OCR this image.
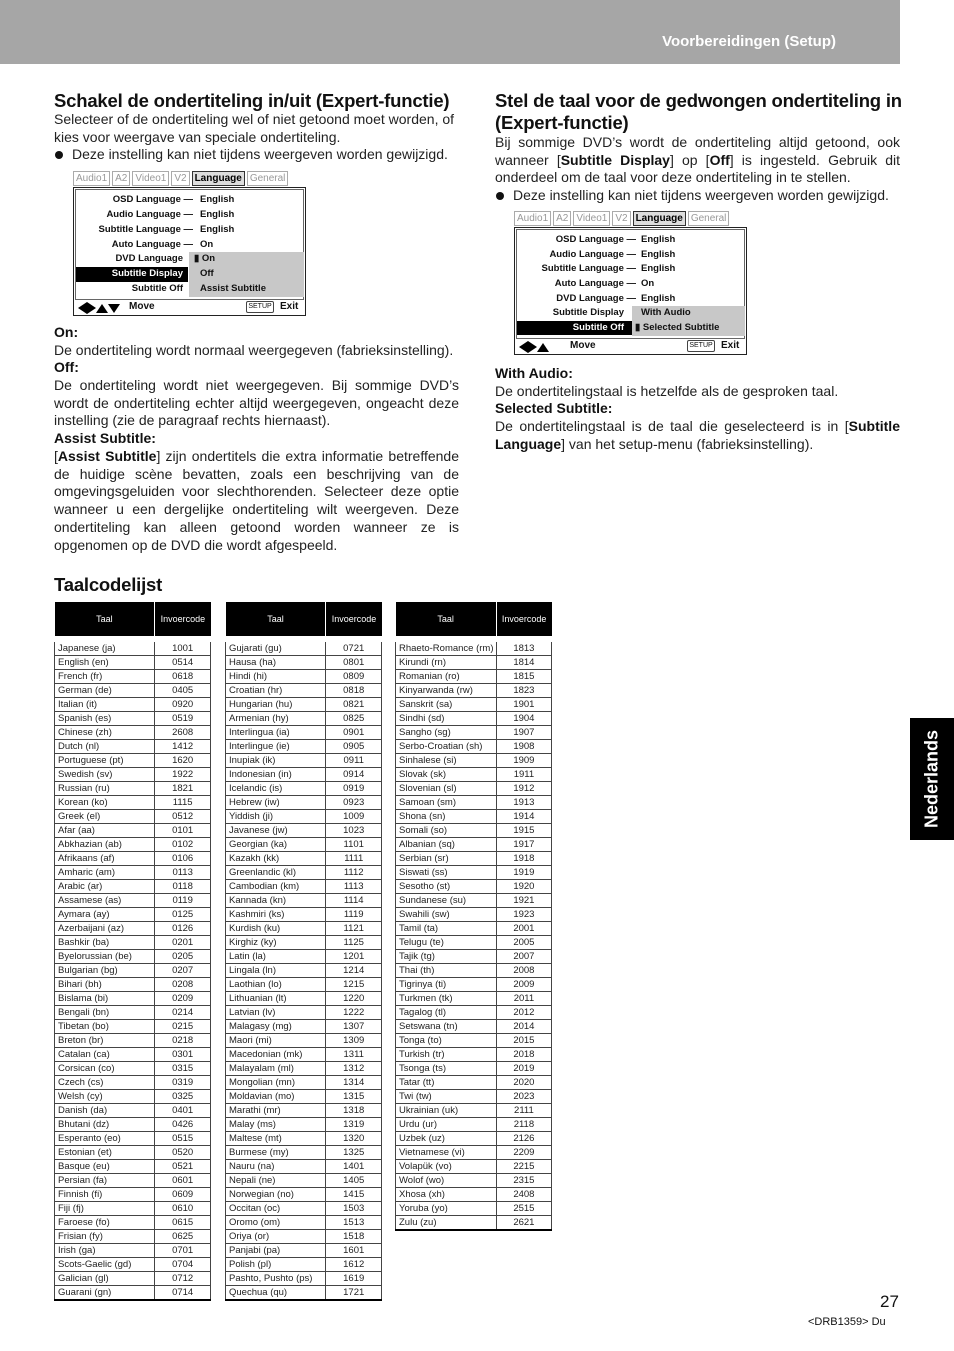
Voorbereidingen (Setup)
Nederlands
Schakel de ondertiteling in/uit (Expert-functie)
Selecteer of de ondertiteling wel of niet getoond moet worden, of kies voor weergave van speciale ondertiteling.
Deze instelling kan niet tijdens weergeven worden gewijzigd.
Audio1 A2 Video1 V2 Language General
OSD Language — English
Audio Language — English
Subtitle Language — English
Auto Language — On
DVD Language ▮ On
Subtitle Display Off
Subtitle Off Assist Subtitle
Move	SETUP Exit
On:
De ondertiteling wordt normaal weergegeven (fabrieksinstelling).
Off:
De ondertiteling wordt niet weergegeven. Bij sommige DVD’s wordt de ondertiteling echter altijd weergegeven, ongeacht deze instelling (zie de paragraaf rechts hiernaast).
Assist Subtitle:
[Assist Subtitle] zijn ondertitels die extra informatie betreffende de huidige scène bevatten, zoals een beschrijving van de omgevingsgeluiden voor slechthorenden. Selecteer deze optie wanneer u een dergelijke ondertiteling wilt weergeven. Deze ondertiteling kan alleen getoond worden wanneer ze is opgenomen op de DVD die wordt afgespeeld.
Stel de taal voor de gedwongen ondertiteling in (Expert-functie)
Bij sommige DVD’s wordt de ondertiteling altijd getoond, ook wanneer [Subtitle Display] op [Off] is ingesteld. Gebruik dit onderdeel om de taal voor deze ondertiteling in te stellen.
Deze instelling kan niet tijdens weergeven worden gewijzigd.
Audio1 A2 Video1 V2 Language General
OSD Language — English
Audio Language — English
Subtitle Language — English
Auto Language — On
DVD Language — English
Subtitle Display With Audio
Subtitle Off ▮ Selected Subtitle
Move	SETUP Exit
With Audio:
De ondertitelingstaal is hetzelfde als de gesproken taal.
Selected Subtitle:
De ondertitelingstaal is de taal die geselecteerd is in [Subtitle Language] van het setup-menu (fabrieksinstelling).
Taalcodelijst
Taal	Invoercode

Japanese (ja)	1001
English (en)	0514
French (fr)	0618
German (de)	0405
Italian (it)	0920
Spanish (es)	0519
Chinese (zh)	2608
Dutch (nl)	1412
Portuguese (pt)	1620
Swedish (sv)	1922
Russian (ru)	1821
Korean (ko)	1115
Greek (el)	0512
Afar (aa)	0101
Abkhazian (ab)	0102
Afrikaans (af)	0106
Amharic (am)	0113
Arabic (ar)	0118
Assamese (as)	0119
Aymara (ay)	0125
Azerbaijani (az)	0126
Bashkir (ba)	0201
Byelorussian (be)	0205
Bulgarian (bg)	0207
Bihari (bh)	0208
Bislama (bi)	0209
Bengali (bn)	0214
Tibetan (bo)	0215
Breton (br)	0218
Catalan (ca)	0301
Corsican (co)	0315
Czech (cs)	0319
Welsh (cy)	0325
Danish (da)	0401
Bhutani (dz)	0426
Esperanto (eo)	0515
Estonian (et)	0520
Basque (eu)	0521
Persian (fa)	0601
Finnish (fi)	0609
Fiji (fj)	0610
Faroese (fo)	0615
Frisian (fy)	0625
Irish (ga)	0701
Scots-Gaelic (gd)	0704
Galician (gl)	0712
Guarani (gn)	0714
Taal	Invoercode

Gujarati (gu)	0721
Hausa (ha)	0801
Hindi (hi)	0809
Croatian (hr)	0818
Hungarian (hu)	0821
Armenian (hy)	0825
Interlingua (ia)	0901
Interlingue (ie)	0905
Inupiak (ik)	0911
Indonesian (in)	0914
Icelandic (is)	0919
Hebrew (iw)	0923
Yiddish (ji)	1009
Javanese (jw)	1023
Georgian (ka)	1101
Kazakh (kk)	1111
Greenlandic (kl)	1112
Cambodian (km)	1113
Kannada (kn)	1114
Kashmiri (ks)	1119
Kurdish (ku)	1121
Kirghiz (ky)	1125
Latin (la)	1201
Lingala (ln)	1214
Laothian (lo)	1215
Lithuanian (lt)	1220
Latvian (lv)	1222
Malagasy (mg)	1307
Maori (mi)	1309
Macedonian (mk)	1311
Malayalam (ml)	1312
Mongolian (mn)	1314
Moldavian (mo)	1315
Marathi (mr)	1318
Malay (ms)	1319
Maltese (mt)	1320
Burmese (my)	1325
Nauru (na)	1401
Nepali (ne)	1405
Norwegian (no)	1415
Occitan (oc)	1503
Oromo (om)	1513
Oriya (or)	1518
Panjabi (pa)	1601
Polish (pl)	1612
Pashto, Pushto (ps)	1619
Quechua (qu)	1721
Taal	Invoercode

Rhaeto-Romance (rm)	1813
Kirundi (rn)	1814
Romanian (ro)	1815
Kinyarwanda (rw)	1823
Sanskrit (sa)	1901
Sindhi (sd)	1904
Sangho (sg)	1907
Serbo-Croatian (sh)	1908
Sinhalese (si)	1909
Slovak (sk)	1911
Slovenian (sl)	1912
Samoan (sm)	1913
Shona (sn)	1914
Somali (so)	1915
Albanian (sq)	1917
Serbian (sr)	1918
Siswati (ss)	1919
Sesotho (st)	1920
Sundanese (su)	1921
Swahili (sw)	1923
Tamil (ta)	2001
Telugu (te)	2005
Tajik (tg)	2007
Thai (th)	2008
Tigrinya (ti)	2009
Turkmen (tk)	2011
Tagalog (tl)	2012
Setswana (tn)	2014
Tonga (to)	2015
Turkish (tr)	2018
Tsonga (ts)	2019
Tatar (tt)	2020
Twi (tw)	2023
Ukrainian (uk)	2111
Urdu (ur)	2118
Uzbek (uz)	2126
Vietnamese (vi)	2209
Volapük (vo)	2215
Wolof (wo)	2315
Xhosa (xh)	2408
Yoruba (yo)	2515
Zulu (zu)	2621
27
<DRB1359> Du
